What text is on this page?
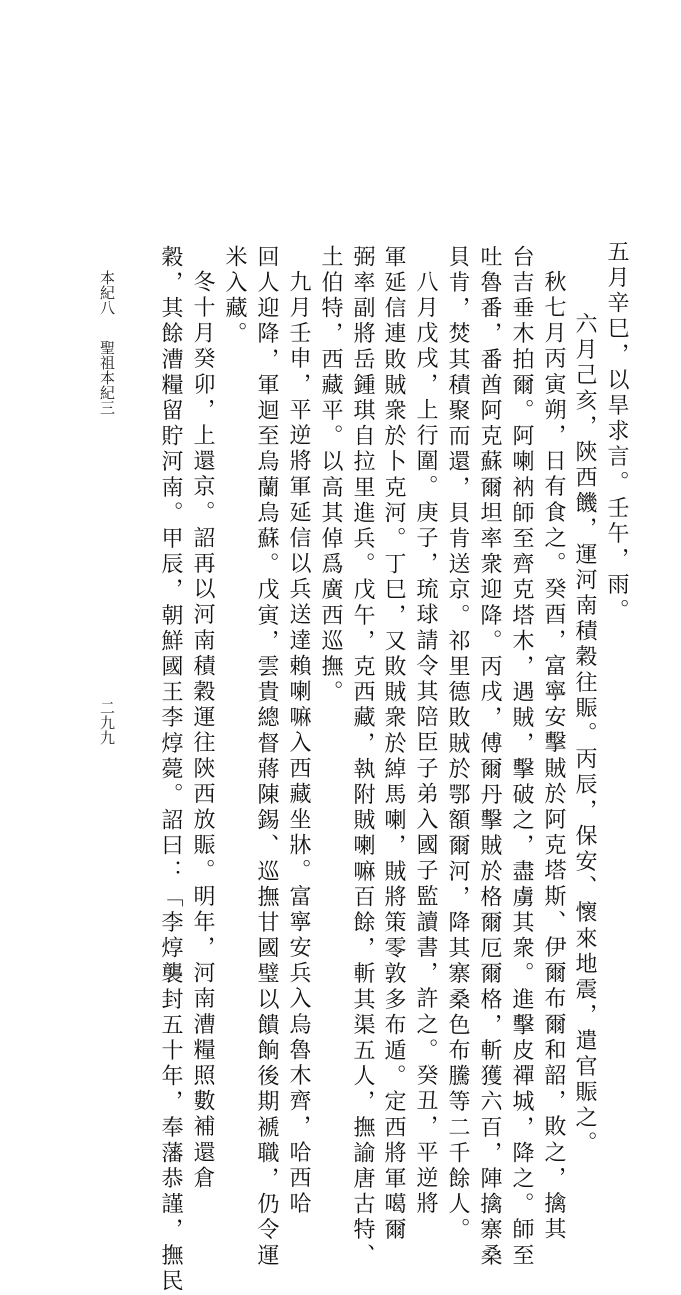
五月辛巳，以旱求言。壬午，雨。
六月己亥，陝西饑，運河南積穀往賑。丙辰，保安、懷來地震，遣官賑之。
秋七月丙寅朔，日有食之。癸酉，富寧安擊賊於阿克塔斯、伊爾布爾和韶，敗之，擒其
台吉垂木拍爾。阿喇衲師至齊克塔木，遇賊，擊破之，盡虜其衆。進擊皮禪城，降之。師至
吐魯番，番酋阿克蘇爾坦率衆迎降。丙戌，傅爾丹擊賊於格爾厄爾格，斬獲六百，陣擒寨桑
貝肯，焚其積聚而還，貝肯送京。祁里德敗賊於鄂額爾河，降其寨桑色布騰等二千餘人。
八月戊戌，上行圍。庚子，琉球請令其陪臣子弟入國子監讀書，許之。癸丑，平逆將
軍延信連敗賊衆於卜克河。丁巳，又敗賊衆於綽馬喇，賊將策零敦多布遁。定西將軍噶爾
弼率副將岳鍾琪自拉里進兵。戊午，克西藏，執附賊喇嘛百餘，斬其渠五人，撫諭唐古特、
土伯特，西藏平。以高其倬爲廣西巡撫。
九月壬申，平逆將軍延信以兵送達賴喇嘛入西藏坐牀。富寧安兵入烏魯木齊，哈西哈
回人迎降，軍迴至烏蘭烏蘇。戊寅，雲貴總督蔣陳錫、巡撫甘國璧以饋餉後期褫職，仍令運
米入藏。
冬十月癸卯，上還京。詔再以河南積穀運往陝西放賑。明年，河南漕糧照數補還倉
穀，其餘漕糧留貯河南。甲辰，朝鮮國王李焞薨。詔曰：「李焞襲封五十年，奉藩恭謹，撫民
本紀八
聖祖本紀三
二九九
